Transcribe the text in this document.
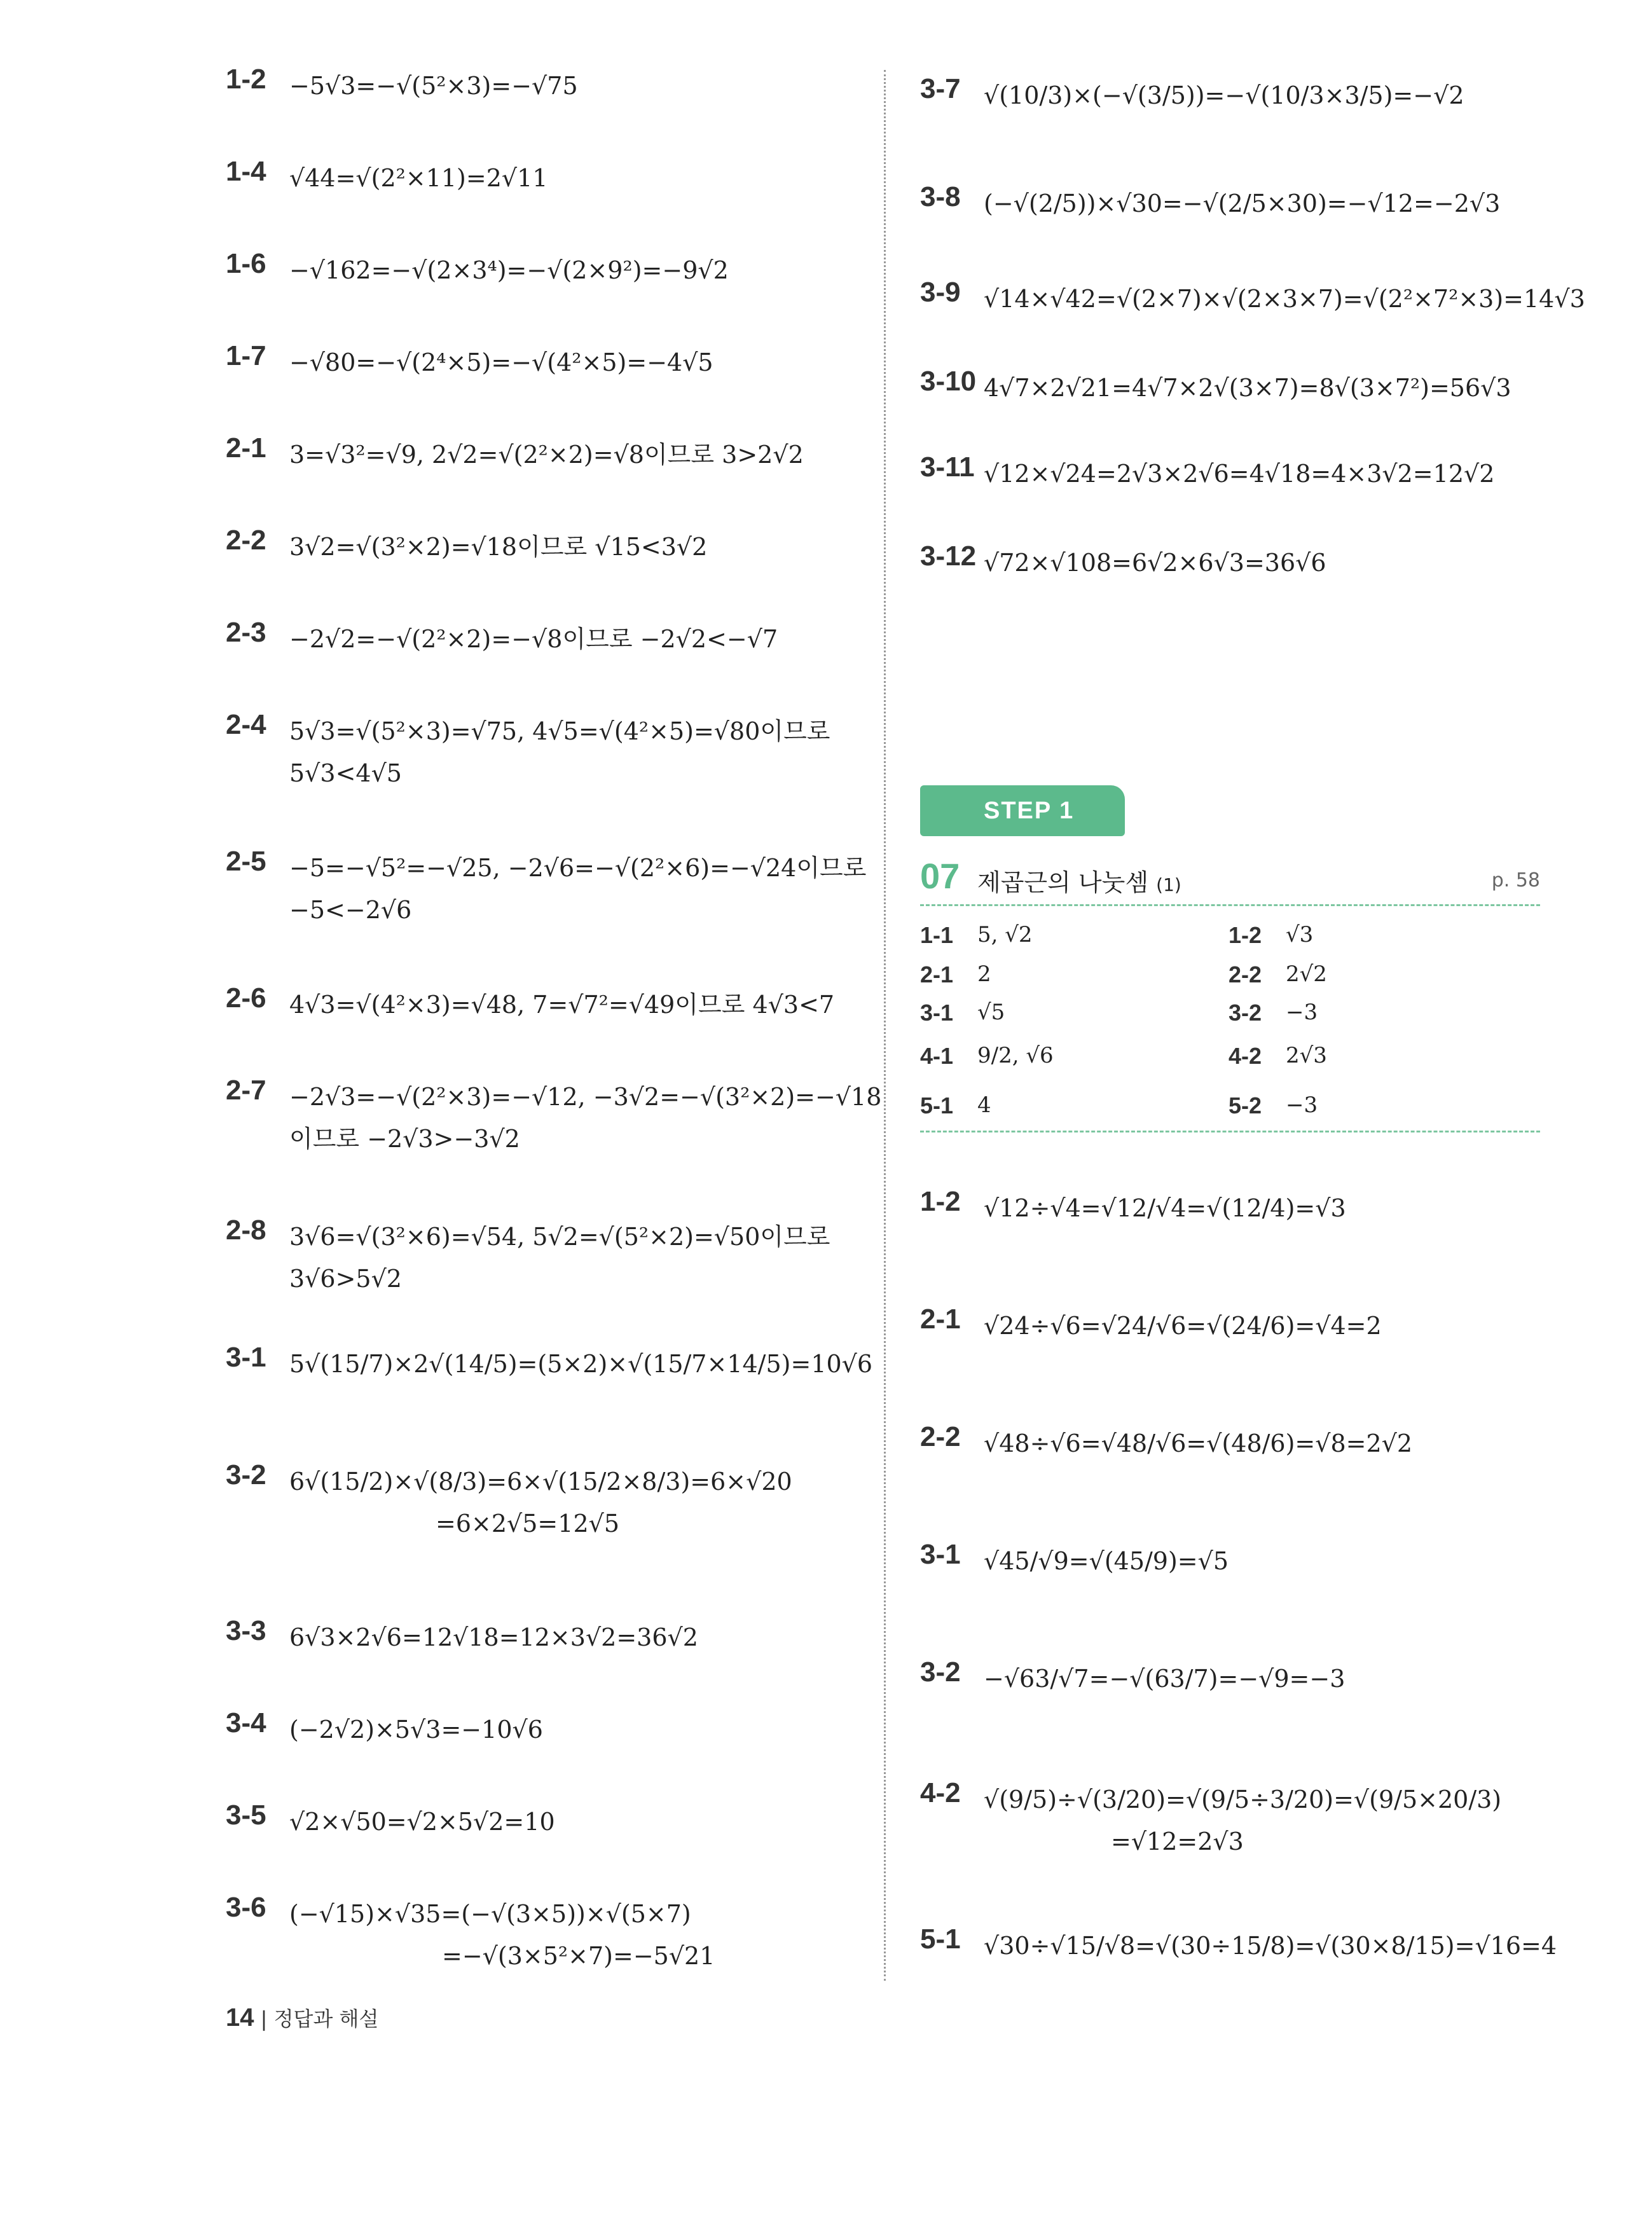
1-2 −5√3=−√(5²×3)=−√75
1-4 √44=√(2²×11)=2√11
1-6 −√162=−√(2×3⁴)=−√(2×9²)=−9√2
1-7 −√80=−√(2⁴×5)=−√(4²×5)=−4√5
2-1 3=√3²=√9, 2√2=√(2²×2)=√8이므로 3>2√2
2-2 3√2=√(3²×2)=√18이므로 √15<3√2
2-3 −2√2=−√(2²×2)=−√8이므로 −2√2<−√7
2-4 5√3=√(5²×3)=√75, 4√5=√(4²×5)=√80이므로
5√3<4√5
2-5 −5=−√5²=−√25, −2√6=−√(2²×6)=−√24이므로
−5<−2√6
2-6 4√3=√(4²×3)=√48, 7=√7²=√49이므로 4√3<7
2-7 −2√3=−√(2²×3)=−√12, −3√2=−√(3²×2)=−√18
이므로 −2√3>−3√2
2-8 3√6=√(3²×6)=√54, 5√2=√(5²×2)=√50이므로
3√6>5√2
3-1 5√(15/7)×2√(14/5)=(5×2)×√(15/7×14/5)=10√6
3-2 6√(15/2)×√(8/3)=6×√(15/2×8/3)=6×√20
=6×2√5=12√5
3-3 6√3×2√6=12√18=12×3√2=36√2
3-4 (−2√2)×5√3=−10√6
3-5 √2×√50=√2×5√2=10
3-6 (−√15)×√35=(−√(3×5))×√(5×7)
=−√(3×5²×7)=−5√21
STEP 1
07 제곱근의 나눗셈 (1)	p. 58
1-1 5, √2	1-2 √3
2-1 2	2-2 2√2
3-1 √5	3-2 −3
4-1 9/2, √6	4-2 2√3
5-1 4	5-2 −3
3-7 √(10/3)×(−√(3/5))=−√(10/3×3/5)=−√2
3-8 (−√(2/5))×√30=−√(2/5×30)=−√12=−2√3
3-9 √14×√42=√(2×7)×√(2×3×7)=√(2²×7²×3)=14√3
3-10 4√7×2√21=4√7×2√(3×7)=8√(3×7²)=56√3
3-11 √12×√24=2√3×2√6=4√18=4×3√2=12√2
3-12 √72×√108=6√2×6√3=36√6
1-2 √12÷√4=√12/√4=√(12/4)=√3
2-1 √24÷√6=√24/√6=√(24/6)=√4=2
2-2 √48÷√6=√48/√6=√(48/6)=√8=2√2
3-1 √45/√9=√(45/9)=√5
3-2 −√63/√7=−√(63/7)=−√9=−3
4-2 √(9/5)÷√(3/20)=√(9/5÷3/20)=√(9/5×20/3)
=√12=2√3
5-1 √30÷√15/√8=√(30÷15/8)=√(30×8/15)=√16=4
14 | 정답과 해설
